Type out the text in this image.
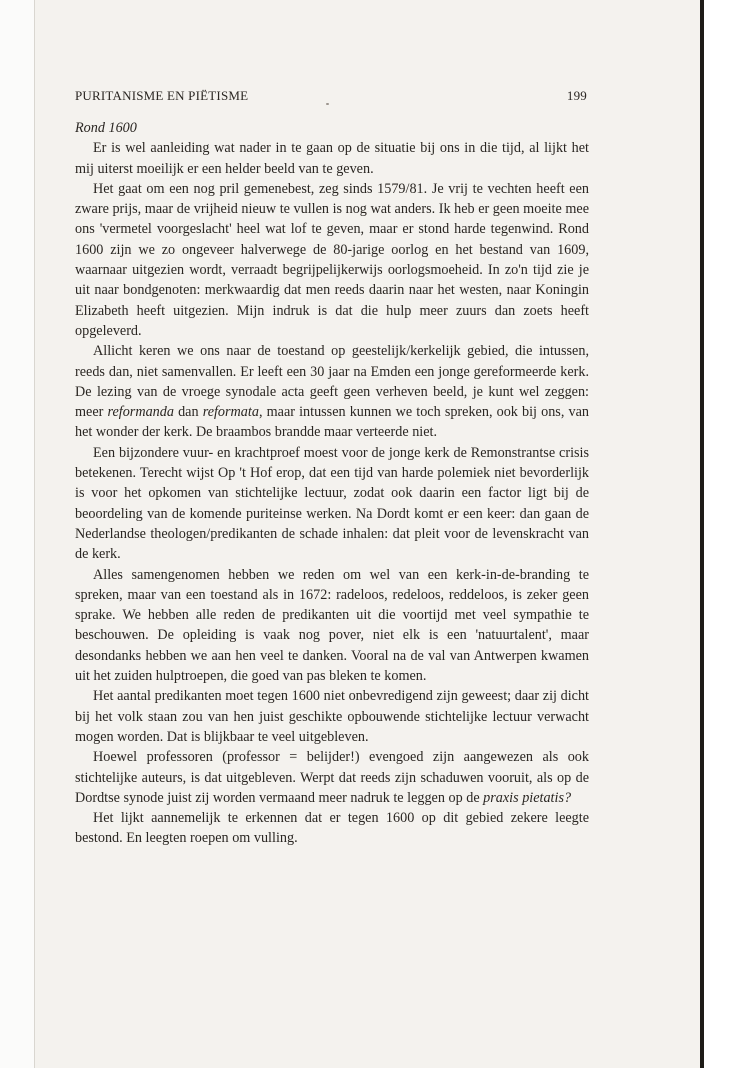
PURITANISME EN PIËTISME	199
Rond 1600

Er is wel aanleiding wat nader in te gaan op de situatie bij ons in die tijd, al lijkt het mij uiterst moeilijk er een helder beeld van te geven.

Het gaat om een nog pril gemenebest, zeg sinds 1579/81. Je vrij te vechten heeft een zware prijs, maar de vrijheid nieuw te vullen is nog wat anders. Ik heb er geen moeite mee ons 'vermetel voorgeslacht' heel wat lof te geven, maar er stond harde tegenwind. Rond 1600 zijn we zo ongeveer halverwege de 80-jarige oorlog en het bestand van 1609, waarnaar uitgezien wordt, verraadt begrijpelijkerwijs oorlogsmoeheid. In zo'n tijd zie je uit naar bondgenoten: merkwaardig dat men reeds daarin naar het westen, naar Koningin Elizabeth heeft uitgezien. Mijn indruk is dat die hulp meer zuurs dan zoets heeft opgeleverd.

Allicht keren we ons naar de toestand op geestelijk/kerkelijk gebied, die intussen, reeds dan, niet samenvallen. Er leeft een 30 jaar na Emden een jonge gereformeerde kerk. De lezing van de vroege synodale acta geeft geen verheven beeld, je kunt wel zeggen: meer reformanda dan reformata, maar intussen kunnen we toch spreken, ook bij ons, van het wonder der kerk. De braambos brandde maar verteerde niet.

Een bijzondere vuur- en krachtproef moest voor de jonge kerk de Remonstrantse crisis betekenen. Terecht wijst Op 't Hof erop, dat een tijd van harde polemiek niet bevorderlijk is voor het opkomen van stichtelijke lectuur, zodat ook daarin een factor ligt bij de beoordeling van de komende puriteinse werken. Na Dordt komt er een keer: dan gaan de Nederlandse theologen/predikanten de schade inhalen: dat pleit voor de levenskracht van de kerk.

Alles samengenomen hebben we reden om wel van een kerk-in-de-branding te spreken, maar van een toestand als in 1672: radeloos, redeloos, reddeloos, is zeker geen sprake. We hebben alle reden de predikanten uit die voortijd met veel sympathie te beschouwen. De opleiding is vaak nog pover, niet elk is een 'natuurtalent', maar desondanks hebben we aan hen veel te danken. Vooral na de val van Antwerpen kwamen uit het zuiden hulptroepen, die goed van pas bleken te komen.

Het aantal predikanten moet tegen 1600 niet onbevredigend zijn geweest; daar zij dicht bij het volk staan zou van hen juist geschikte opbouwende stichtelijke lectuur verwacht mogen worden. Dat is blijkbaar te veel uitgebleven.

Hoewel professoren (professor = belijder!) evengoed zijn aangewezen als ook stichtelijke auteurs, is dat uitgebleven. Werpt dat reeds zijn schaduwen vooruit, als op de Dordtse synode juist zij worden vermaand meer nadruk te leggen op de praxis pietatis?

Het lijkt aannemelijk te erkennen dat er tegen 1600 op dit gebied zekere leegte bestond. En leegten roepen om vulling.
